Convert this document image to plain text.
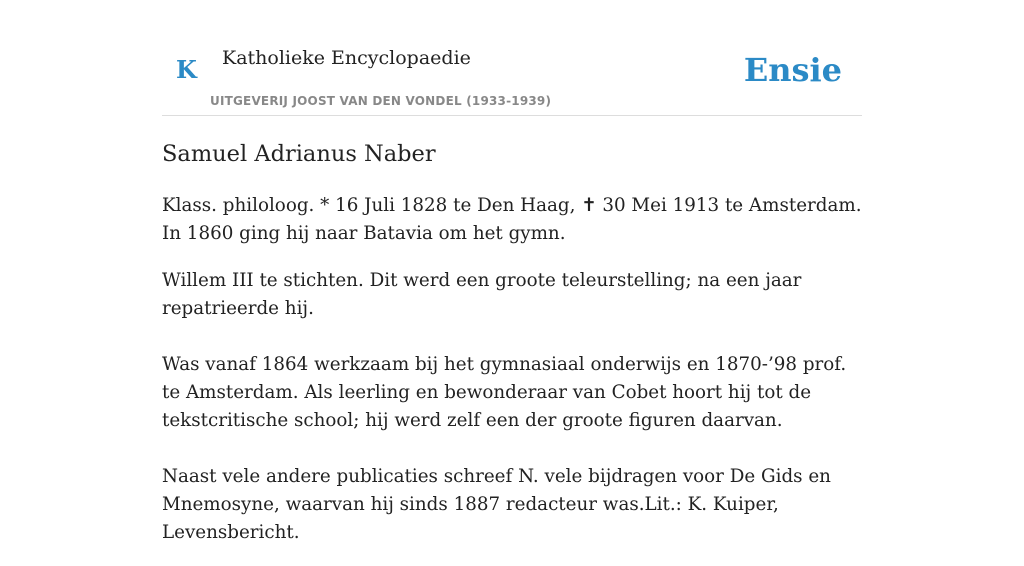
K Katholieke Encyclopaedie
UITGEVERIJ JOOST VAN DEN VONDEL (1933-1939)
Ensie
Samuel Adrianus Naber

Klass. philoloog. * 16 Juli 1828 te Den Haag, ✝ 30 Mei 1913 te Amsterdam. In 1860 ging hij naar Batavia om het gymn.

Willem III te stichten. Dit werd een groote teleurstelling; na een jaar repatrieerde hij.

Was vanaf 1864 werkzaam bij het gymnasiaal onderwijs en 1870-’98 prof. te Amsterdam. Als leerling en bewonderaar van Cobet hoort hij tot de tekstcritische school; hij werd zelf een der groote figuren daarvan.

Naast vele andere publicaties schreef N. vele bijdragen voor De Gids en Mnemosyne, waarvan hij sinds 1887 redacteur was.Lit.: K. Kuiper, Levensbericht.
